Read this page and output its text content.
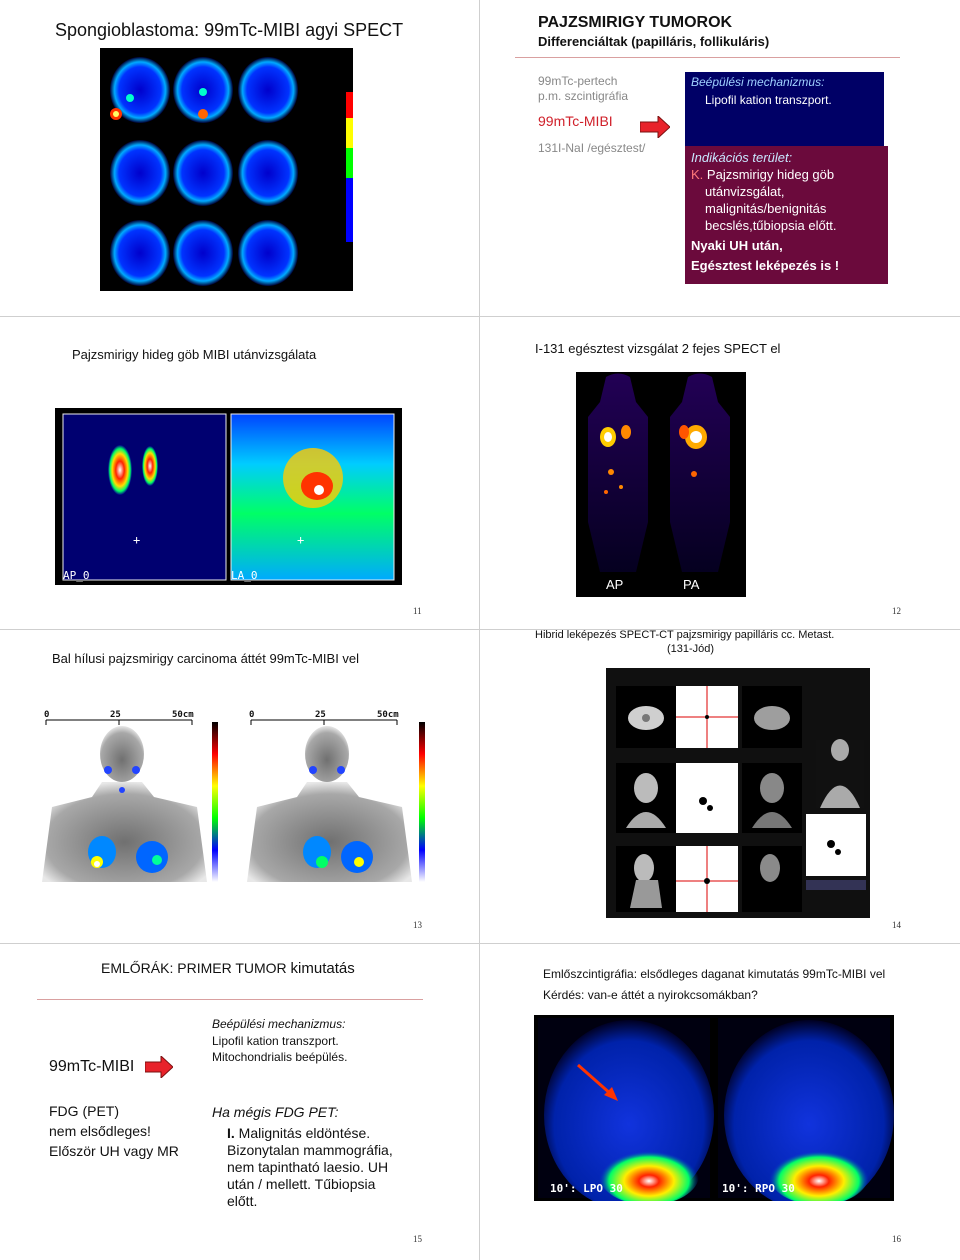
Spongioblastoma: 99mTc-MIBI agyi SPECT	PAJZSMIRIGY TUMOROK
Differenciáltak (papilláris, follikuláris)
99mTc-pertech
p.m. szcintigráfia
99mTc-MIBI
131I-NaI /egésztest/
Beépülési mechanizmus:
Lipofil kation transzport.
Indikációs terület:
K. Pajzsmirigy hideg göb
utánvizsgálat,
malignitás/benignitás
becslés,tűbiopsia előtt.
Nyaki UH után,
Egésztest leképezés is !
Pajzsmirigy hideg göb MIBI utánvizsgálata
+	+
AP_0	LA_0
11
I-131 egésztest vizsgálat 2 fejes SPECT el
AP	PA
12
Bal hílusi pajzsmirigy carcinoma áttét 99mTc-MIBI vel
0	25	50cm	0	25	50cm
13
Hibrid leképezés SPECT-CT pajzsmirigy papilláris cc. Metast.
(131-Jód)
14
EMLŐRÁK: PRIMER TUMOR kimutatás
Beépülési mechanizmus:
Lipofil kation transzport.
Mitochondrialis beépülés.
99mTc-MIBI
FDG (PET)
nem elsődleges!
Először UH vagy MR
Ha mégis FDG PET:
I. Malignitás eldöntése.
Bizonytalan mammográfia,
nem tapintható laesio. UH
után / mellett. Tűbiopsia
előtt.
15
Emlőszcintigráfia: elsődleges daganat kimutatás 99mTc-MIBI vel
Kérdés: van-e áttét a nyirokcsomákban?
10': LPO 30	10': RPO 30
16
